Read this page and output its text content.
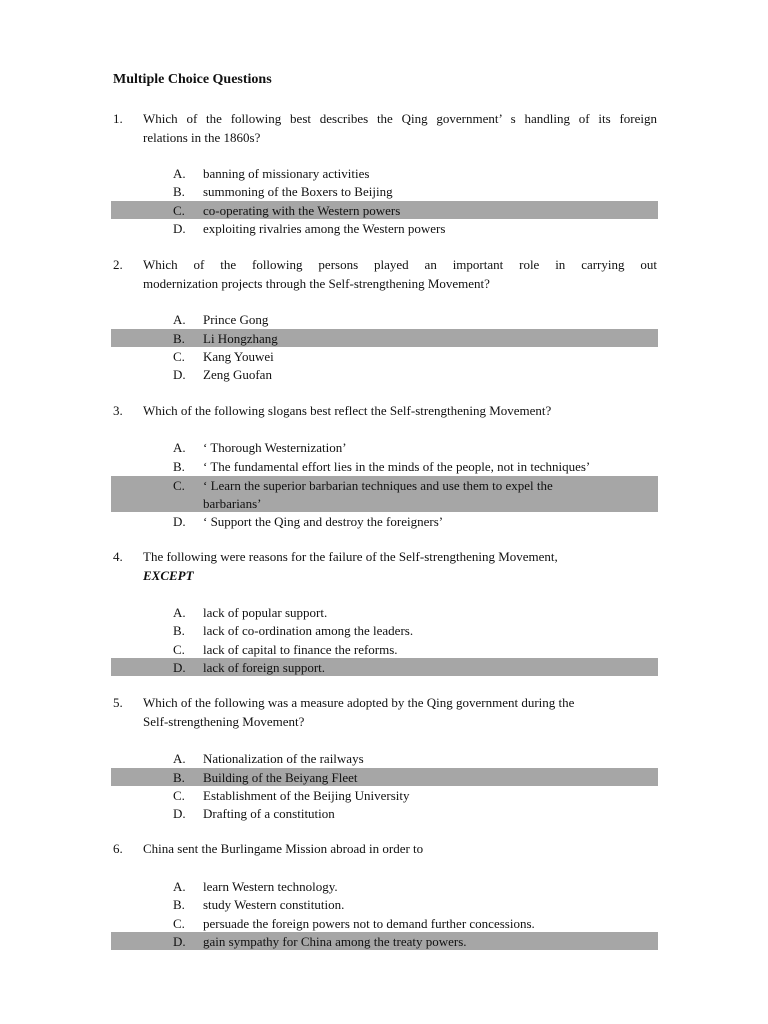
Multiple Choice Questions
1. Which of the following best describes the Qing government’ s handling of its foreign
relations in the 1860s?
A. banning of missionary activities
B. summoning of the Boxers to Beijing
C. co-operating with the Western powers
D. exploiting rivalries among the Western powers
2. Which of the following persons played an important role in carrying out
modernization projects through the Self-strengthening Movement?
A. Prince Gong
B. Li Hongzhang
C. Kang Youwei
D. Zeng Guofan
3. Which of the following slogans best reflect the Self-strengthening Movement?
A. ‘ Thorough Westernization’
B. ‘ The fundamental effort lies in the minds of the people, not in techniques’
C. ‘ Learn the superior barbarian techniques and use them to expel the
barbarians’
D. ‘ Support the Qing and destroy the foreigners’
4. The following were reasons for the failure of the Self-strengthening Movement,
EXCEPT
A. lack of popular support.
B. lack of co-ordination among the leaders.
C. lack of capital to finance the reforms.
D. lack of foreign support.
5. Which of the following was a measure adopted by the Qing government during the
Self-strengthening Movement?
A. Nationalization of the railways
B. Building of the Beiyang Fleet
C. Establishment of the Beijing University
D. Drafting of a constitution
6. China sent the Burlingame Mission abroad in order to
A. learn Western technology.
B. study Western constitution.
C. persuade the foreign powers not to demand further concessions.
D. gain sympathy for China among the treaty powers.
